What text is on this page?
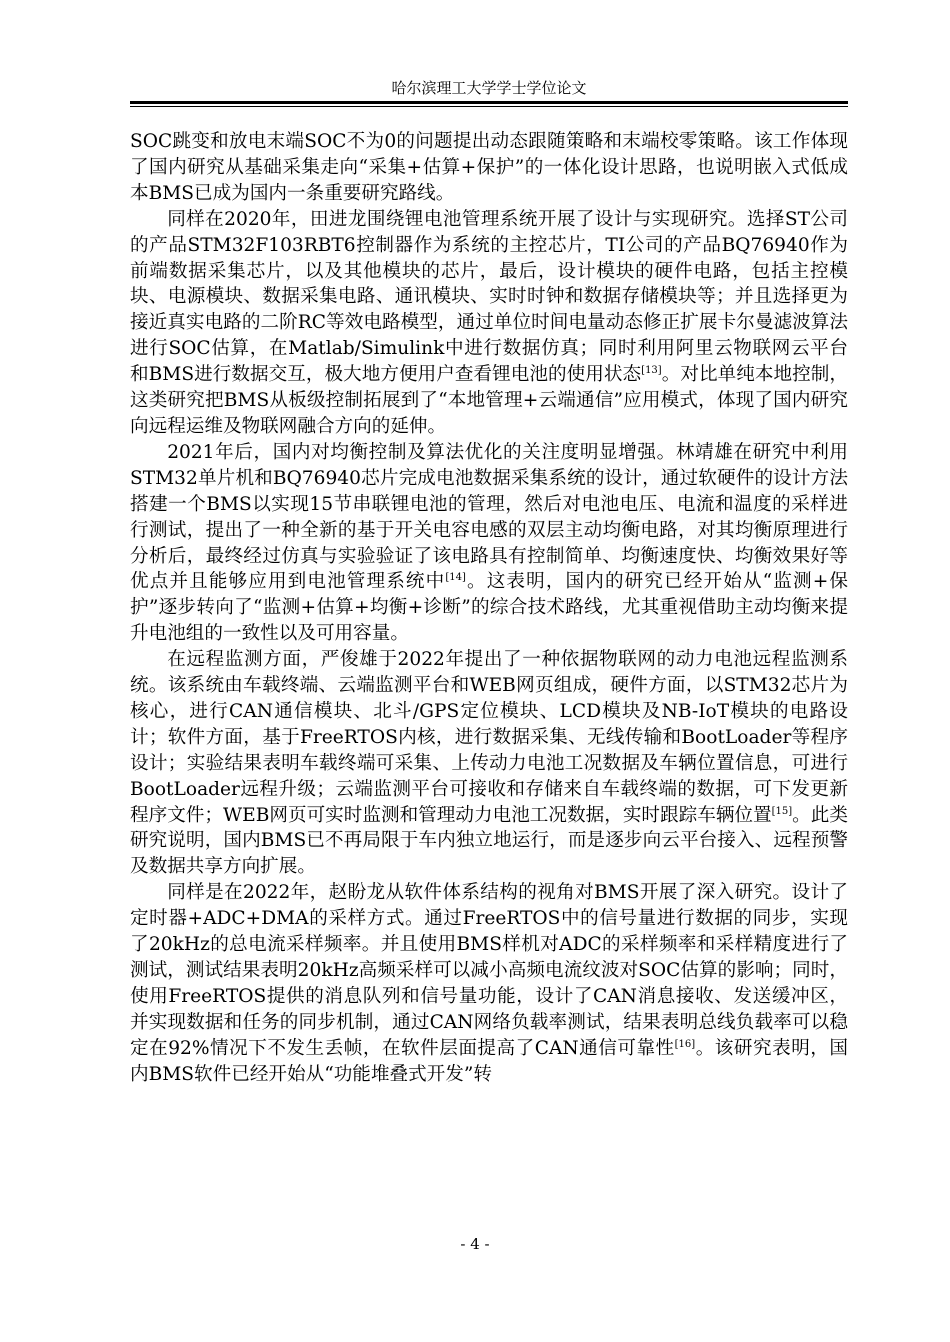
哈尔滨理工大学学士学位论文

SOC跳变和放电末端SOC不为0的问题提出动态跟随策略和末端校零策略。该工作体现了国内研究从基础采集走向“采集+估算+保护”的一体化设计思路，也说明嵌入式低成本BMS已成为国内一条重要研究路线。

同样在2020年，田进龙围绕锂电池管理系统开展了设计与实现研究。选择ST公司的产品STM32F103RBT6控制器作为系统的主控芯片，TI公司的产品BQ76940作为前端数据采集芯片，以及其他模块的芯片，最后，设计模块的硬件电路，包括主控模块、电源模块、数据采集电路、通讯模块、实时时钟和数据存储模块等；并且选择更为接近真实电路的二阶RC等效电路模型，通过单位时间电量动态修正扩展卡尔曼滤波算法进行SOC估算，在Matlab/Simulink中进行数据仿真；同时利用阿里云物联网云平台和BMS进行数据交互，极大地方便用户查看锂电池的使用状态[13]。对比单纯本地控制，这类研究把BMS从板级控制拓展到了“本地管理+云端通信”应用模式，体现了国内研究向远程运维及物联网融合方向的延伸。

2021年后，国内对均衡控制及算法优化的关注度明显增强。林靖雄在研究中利用STM32单片机和BQ76940芯片完成电池数据采集系统的设计，通过软硬件的设计方法搭建一个BMS以实现15节串联锂电池的管理，然后对电池电压、电流和温度的采样进行测试，提出了一种全新的基于开关电容电感的双层主动均衡电路，对其均衡原理进行分析后，最终经过仿真与实验验证了该电路具有控制简单、均衡速度快、均衡效果好等优点并且能够应用到电池管理系统中[14]。这表明，国内的研究已经开始从“监测+保护”逐步转向了“监测+估算+均衡+诊断”的综合技术路线，尤其重视借助主动均衡来提升电池组的一致性以及可用容量。

在远程监测方面，严俊雄于2022年提出了一种依据物联网的动力电池远程监测系统。该系统由车载终端、云端监测平台和WEB网页组成，硬件方面，以STM32芯片为核心，进行CAN通信模块、北斗/GPS定位模块、LCD模块及NB-IoT模块的电路设计；软件方面，基于FreeRTOS内核，进行数据采集、无线传输和BootLoader等程序设计；实验结果表明车载终端可采集、上传动力电池工况数据及车辆位置信息，可进行BootLoader远程升级；云端监测平台可接收和存储来自车载终端的数据，可下发更新程序文件；WEB网页可实时监测和管理动力电池工况数据，实时跟踪车辆位置[15]。此类研究说明，国内BMS已不再局限于车内独立地运行，而是逐步向云平台接入、远程预警及数据共享方向扩展。

同样是在2022年，赵盼龙从软件体系结构的视角对BMS开展了深入研究。设计了定时器+ADC+DMA的采样方式。通过FreeRTOS中的信号量进行数据的同步，实现了20kHz的总电流采样频率。并且使用BMS样机对ADC的采样频率和采样精度进行了测试，测试结果表明20kHz高频采样可以减小高频电流纹波对SOC估算的影响；同时，使用FreeRTOS提供的消息队列和信号量功能，设计了CAN消息接收、发送缓冲区，并实现数据和任务的同步机制，通过CAN网络负载率测试，结果表明总线负载率可以稳定在92%情况下不发生丢帧，在软件层面提高了CAN通信可靠性[16]。该研究表明，国内BMS软件已经开始从“功能堆叠式开发”转

- 4 -
